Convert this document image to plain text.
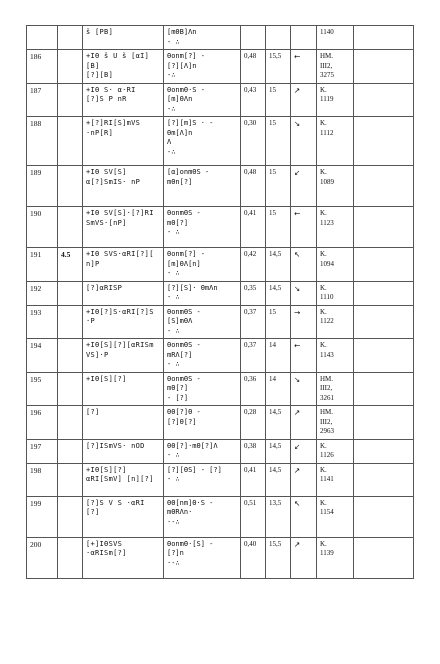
		š [PB]	[mΘB]Λn
- ∴				1140	
186		+IΘ š U š [αI][B]
[?][B]	Θonm[?] -
[?][Λ]n
-∴	0,48	15,5	←	HM.
III2,
3275	
187		+IΘ S· α·RI
[?]S P nR	ΘonmΘ·S -
[m]ΘΛn
-∴	0,43	15	↗	K.
1119	
188		+[?]RI[S]mVS
·nP[R]	[?][m]S · -
Θm[Λ]n
Λ
-∴	0,30	15	↘	K.
1112	
189		+IΘ SV[S]
α[?]SmIS· nP	[α]onmΘS -
mΘn[?]	0,48	15	↙	K.
1089	
190		+IΘ SV[S]·[?]RI
SmVS·[nP]	ΘonmΘS -
mΘ[?]
- ∴	0,41	15	←	K.
1123	
191	4.5	+IΘ SVS·αRI[?][
n]P	Θonm[?] -
[m]ΘΛ[n]
- ∴	0,42	14,5	↖	K.
1094	
192		[?]αRISP	[?][S]· ΘmΛn
- ∴	0,35	14,5	↘	K.
1110	
193		+IΘ[?]S·αRI[?]S
·P	ΘonmΘS -
[S]mΘΛ
- ∴	0,37	15	→	K.
1122	
194		+IΘ[S][?][αRISm
VS]·P	ΘonmΘS -
mRΛ[?]
- ∴	0,37	14	←	K.
1143	
195		+IΘ[S][?]	ΘonmΘS -
mΘ[?]
- [?]	0,36	14	↘	HM.
III2,
3261	
196		[?]	ΘΘ[?]Θ -
[?]Θ[?]	0,28	14,5	↗	HM.
III2,
2963	
197		[?]ISmVS· nOD	ΘΘ[?]·mΘ[?]Λ
- ∴	0,38	14,5	↙	K.
1126	
198		+IΘ[S][?]
αRI[SmV] [n][?]	[?][ΘS] - [?]
- ∴	0,41	14,5	↗	K.
1141	
199		[?]S V S ·αRI
[?]	ΘΘ[nm]Θ·S -
mΘRΛn·
·-∴	0,51	13,5	↖	K.
1154	
200		[+]IΘSVS
·αRISm[?]	ΘonmΘ·[S] -
[?]n
·-∴	0,40	15,5	↗	K.
1139	
